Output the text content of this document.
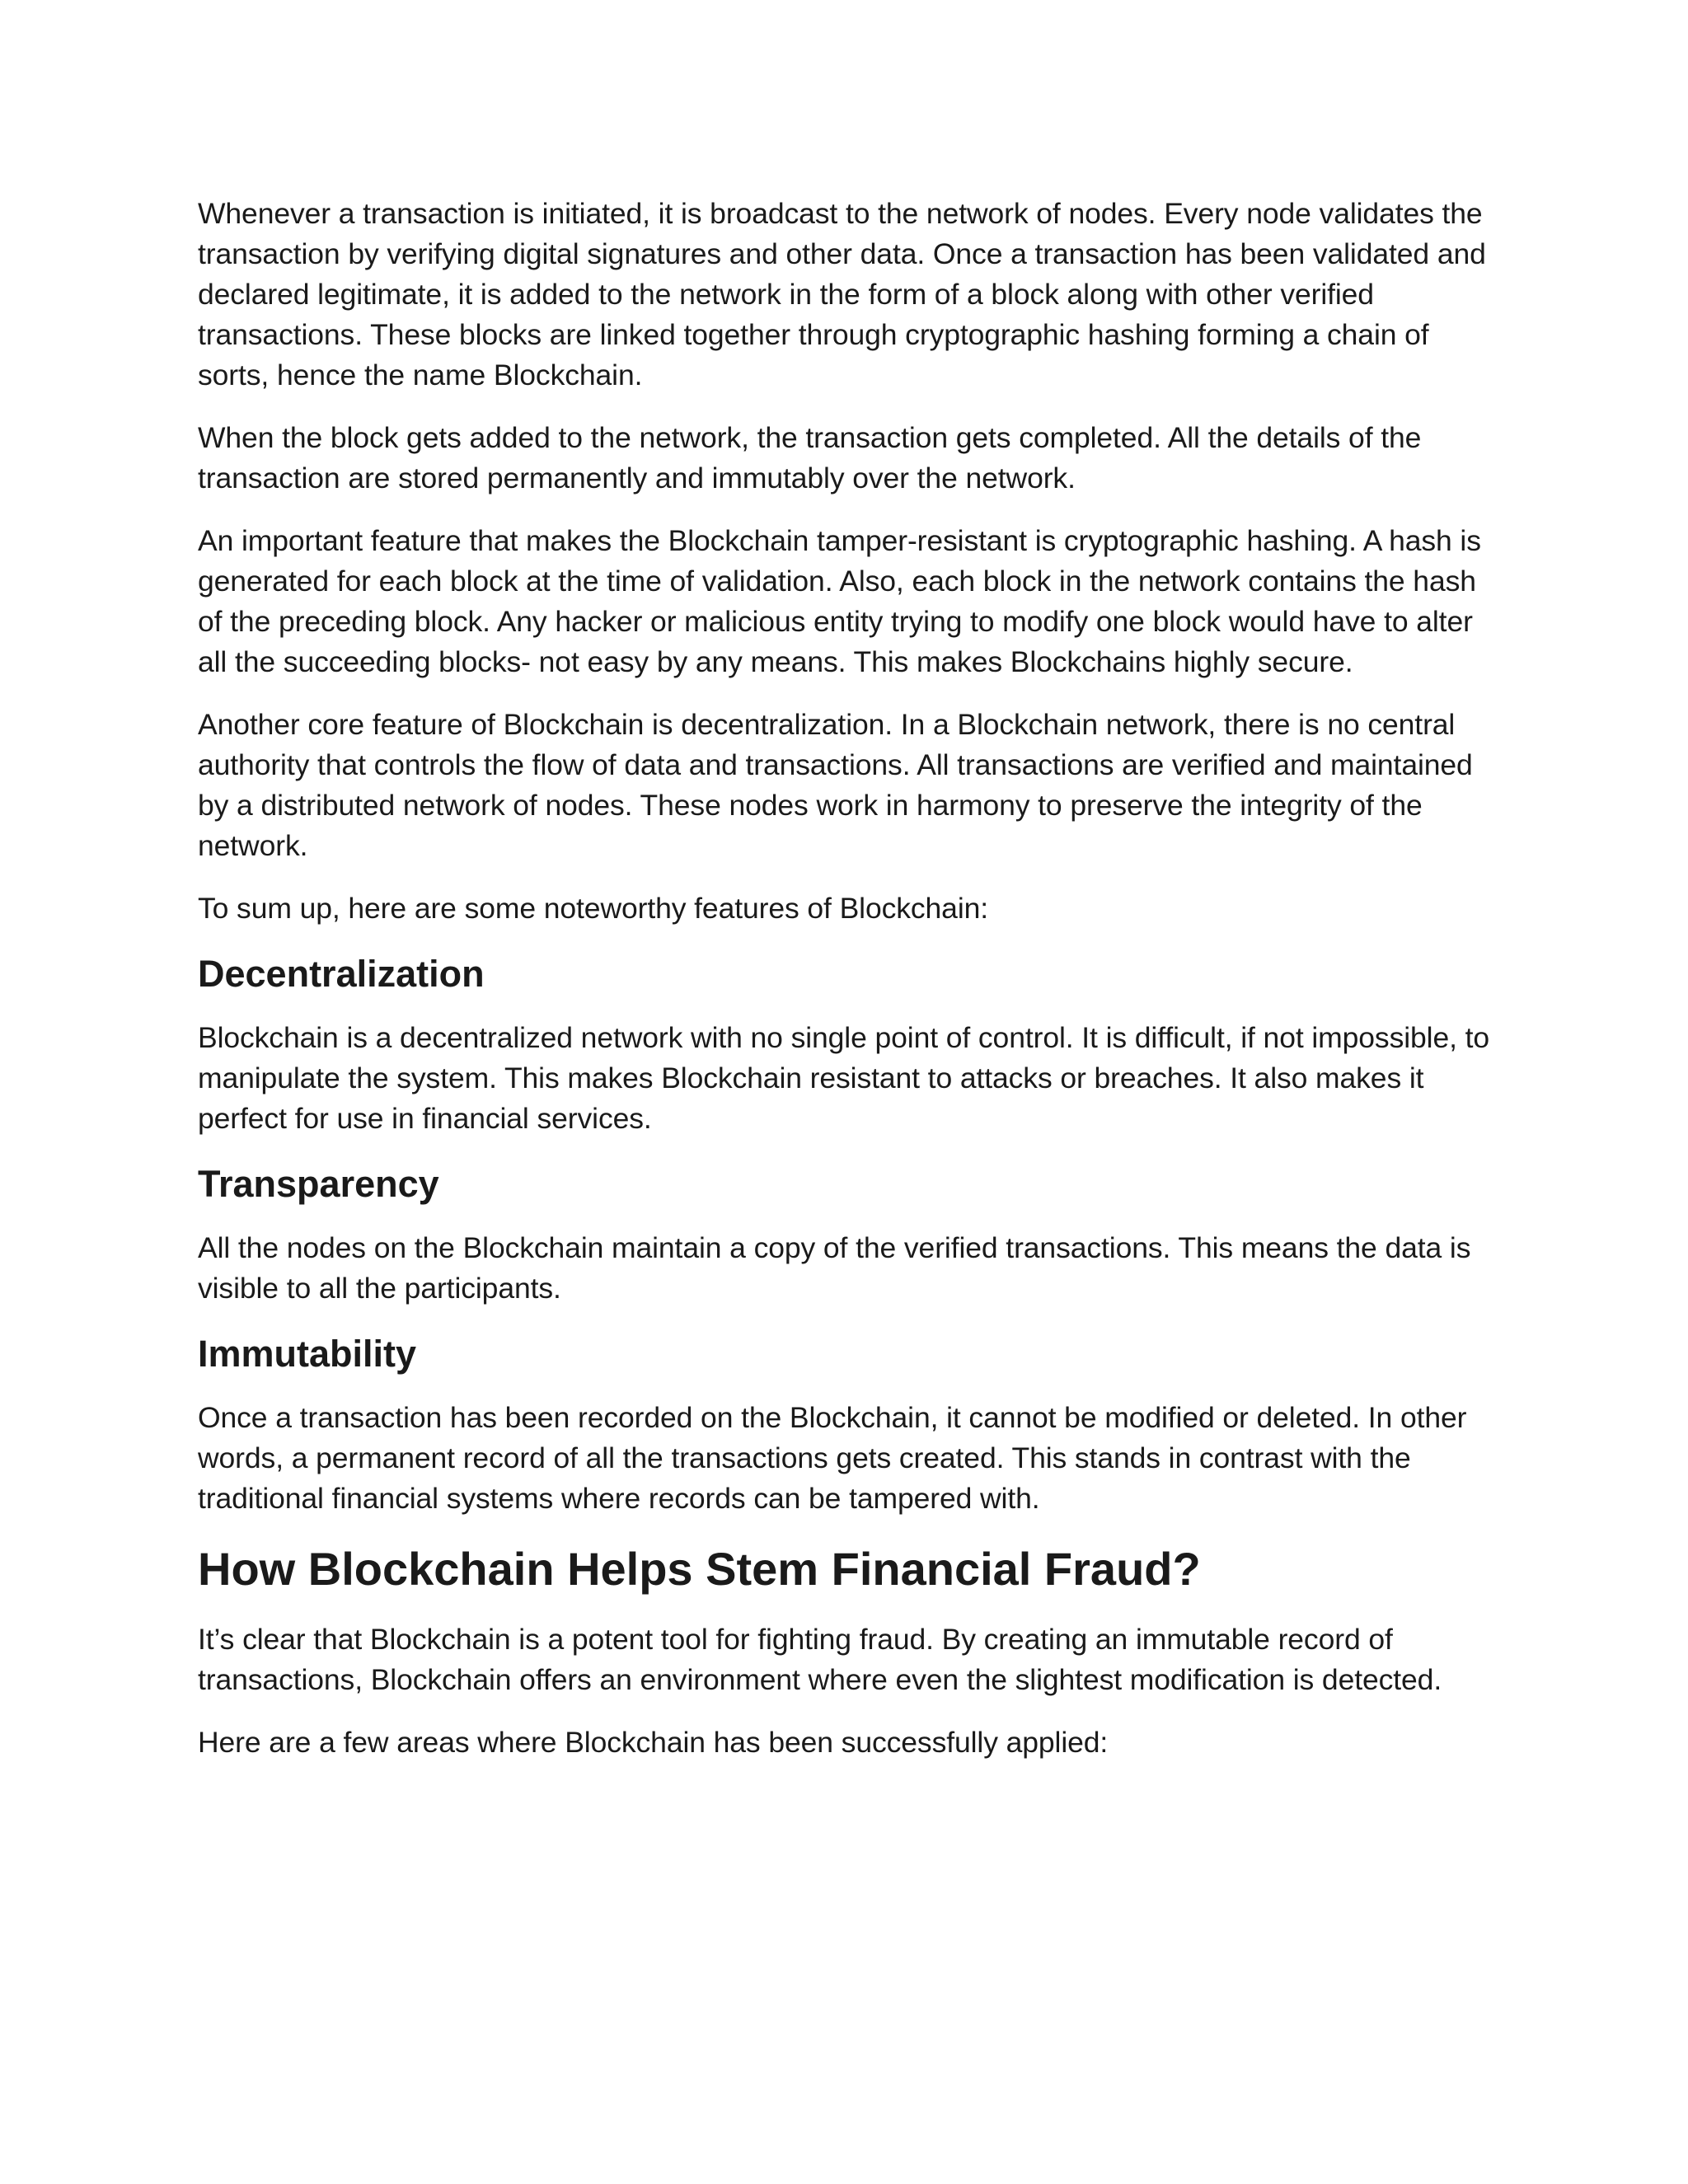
Whenever a transaction is initiated, it is broadcast to the network of nodes. Every node validates the transaction by verifying digital signatures and other data. Once a transaction has been validated and declared legitimate, it is added to the network in the form of a block along with other verified transactions. These blocks are linked together through cryptographic hashing forming a chain of sorts, hence the name Blockchain.

When the block gets added to the network, the transaction gets completed. All the details of the transaction are stored permanently and immutably over the network.

An important feature that makes the Blockchain tamper-resistant is cryptographic hashing. A hash is generated for each block at the time of validation. Also, each block in the network contains the hash of the preceding block. Any hacker or malicious entity trying to modify one block would have to alter all the succeeding blocks- not easy by any means. This makes Blockchains highly secure.

Another core feature of Blockchain is decentralization. In a Blockchain network, there is no central authority that controls the flow of data and transactions. All transactions are verified and maintained by a distributed network of nodes. These nodes work in harmony to preserve the integrity of the network.

To sum up, here are some noteworthy features of Blockchain:

Decentralization

Blockchain is a decentralized network with no single point of control. It is difficult, if not impossible, to manipulate the system. This makes Blockchain resistant to attacks or breaches. It also makes it perfect for use in financial services.

Transparency

All the nodes on the Blockchain maintain a copy of the verified transactions. This means the data is visible to all the participants.

Immutability

Once a transaction has been recorded on the Blockchain, it cannot be modified or deleted. In other words, a permanent record of all the transactions gets created. This stands in contrast with the traditional financial systems where records can be tampered with.

How Blockchain Helps Stem Financial Fraud?

It’s clear that Blockchain is a potent tool for fighting fraud. By creating an immutable record of transactions, Blockchain offers an environment where even the slightest modification is detected.

Here are a few areas where Blockchain has been successfully applied:
